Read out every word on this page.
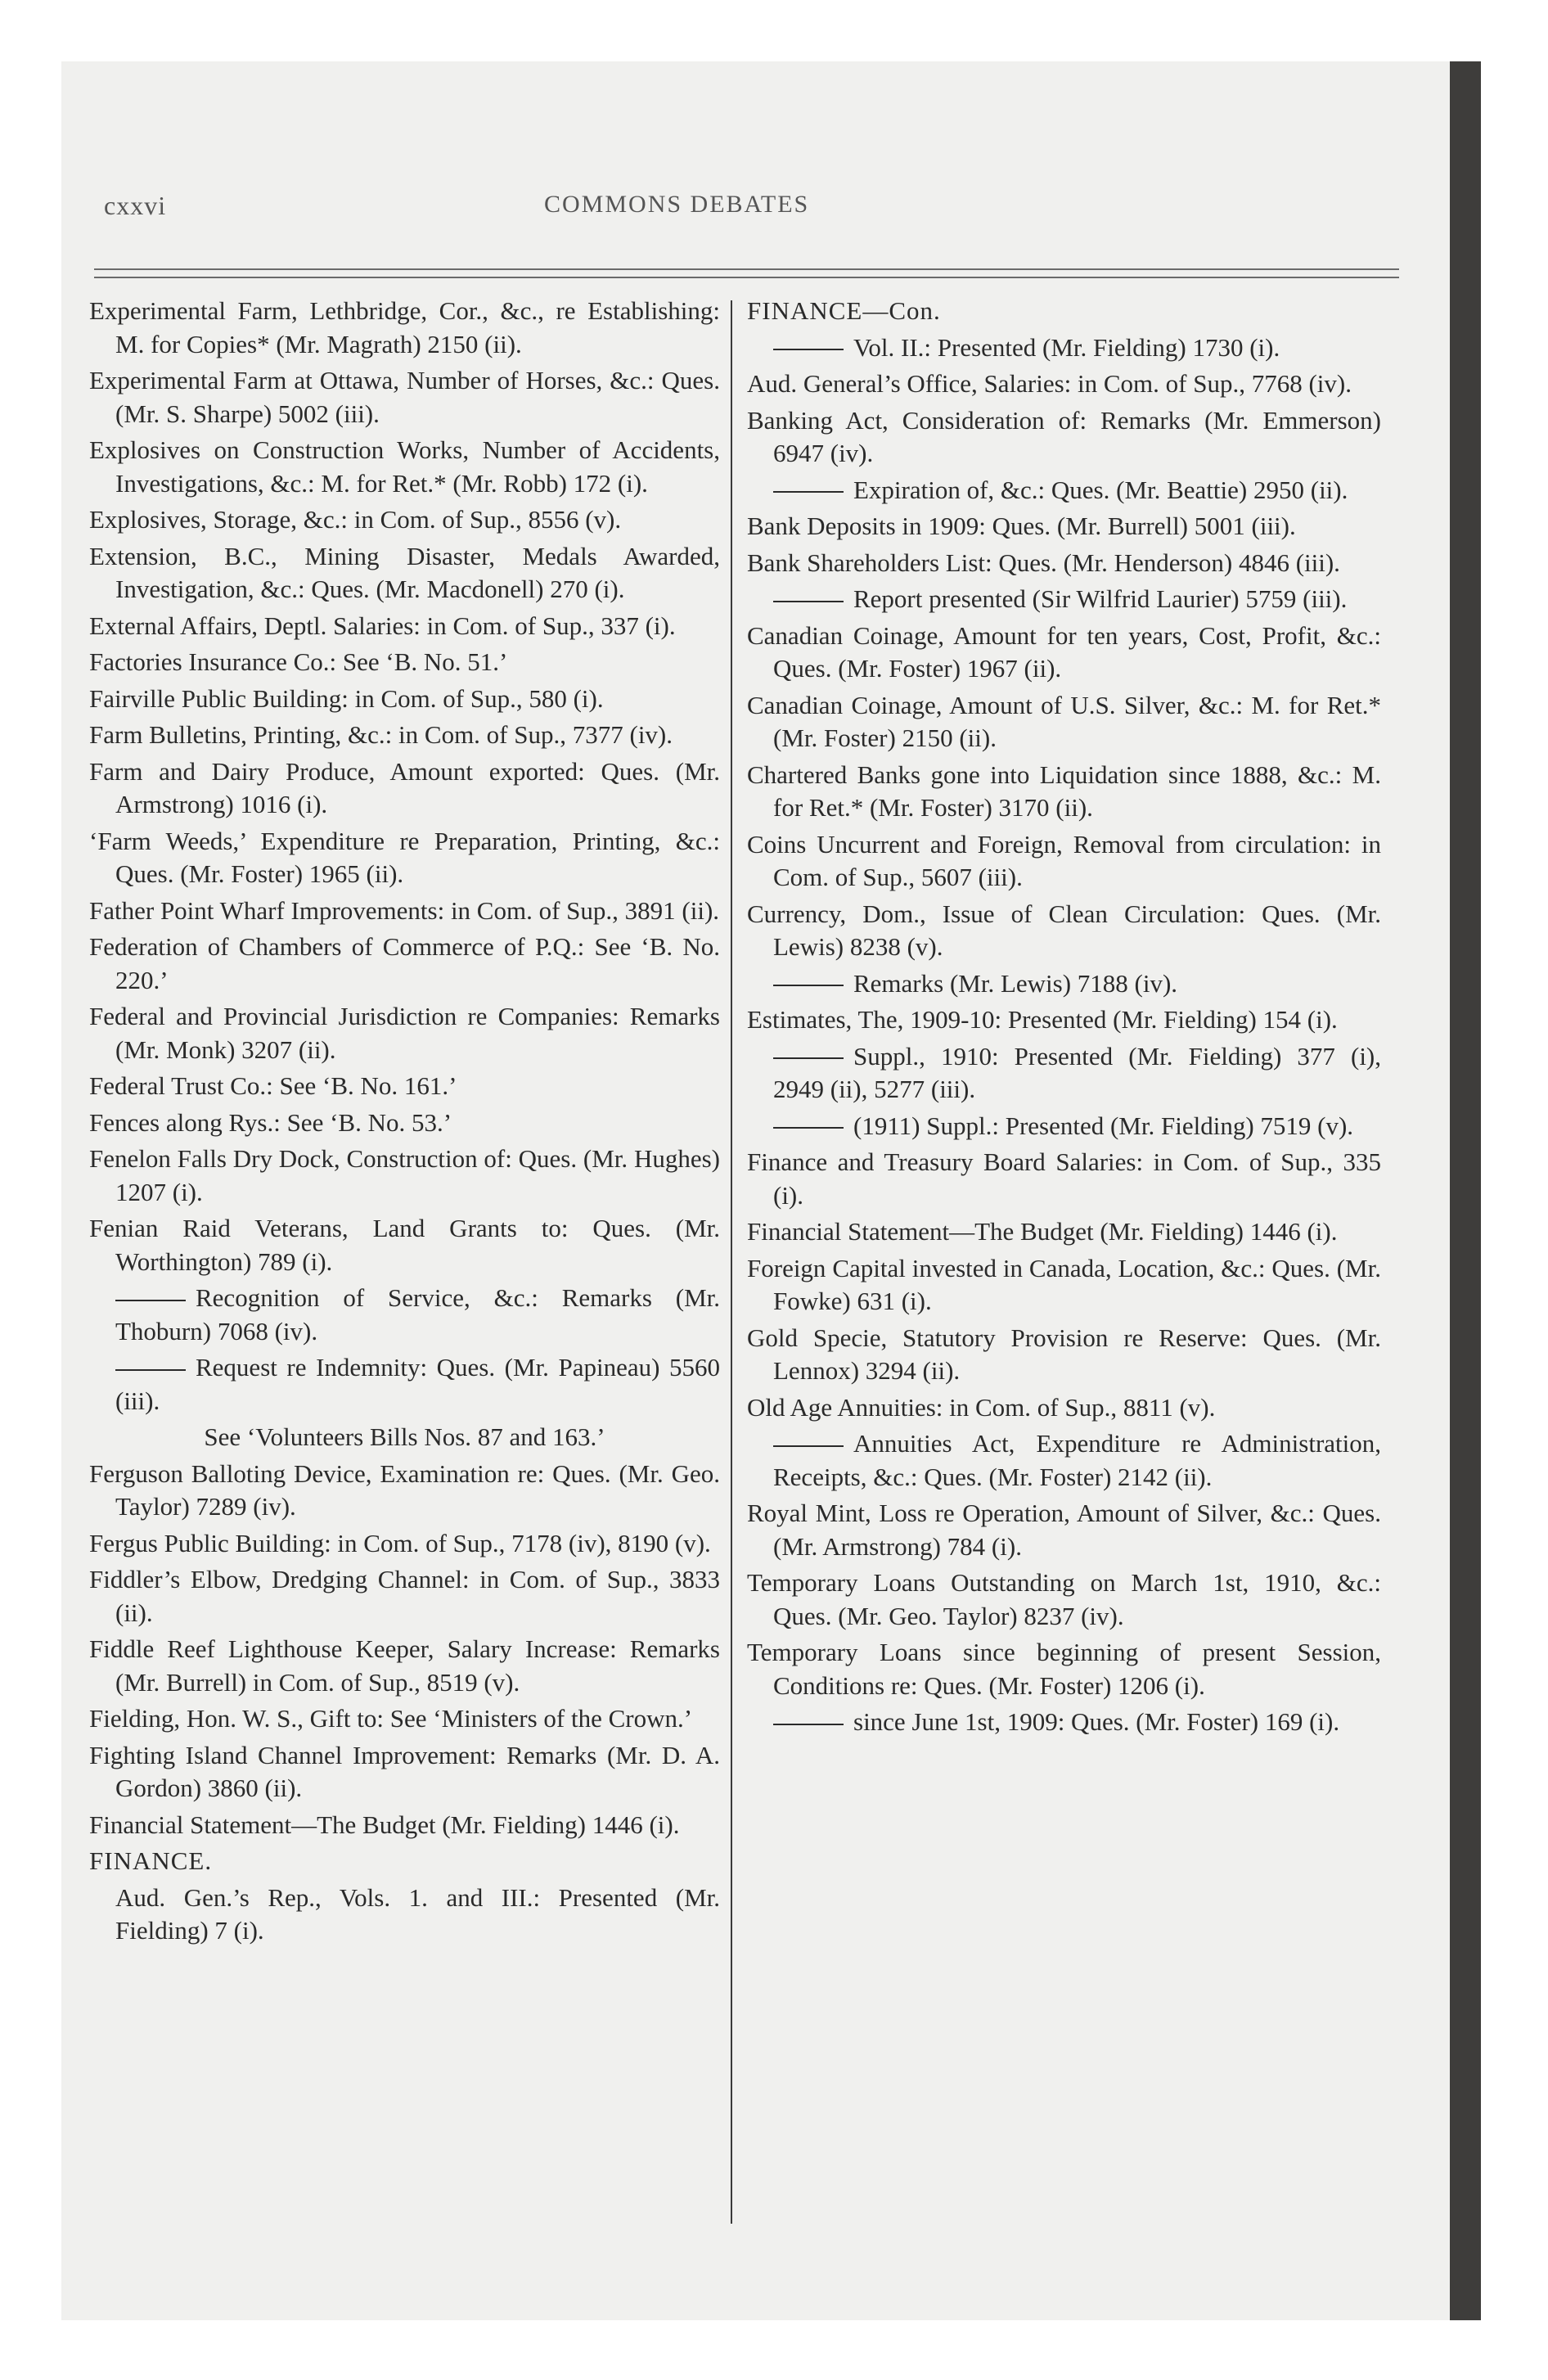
cxxvi	COMMONS DEBATES

Experimental Farm, Lethbridge, Cor., &c., re Establishing: M. for Copies* (Mr. Magrath) 2150 (ii).

Experimental Farm at Ottawa, Number of Horses, &c.: Ques. (Mr. S. Sharpe) 5002 (iii).

Explosives on Construction Works, Number of Accidents, Investigations, &c.: M. for Ret.* (Mr. Robb) 172 (i).

Explosives, Storage, &c.: in Com. of Sup., 8556 (v).

Extension, B.C., Mining Disaster, Medals Awarded, Investigation, &c.: Ques. (Mr. Macdonell) 270 (i).

External Affairs, Deptl. Salaries: in Com. of Sup., 337 (i).

Factories Insurance Co.: See ‘B. No. 51.’

Fairville Public Building: in Com. of Sup., 580 (i).

Farm Bulletins, Printing, &c.: in Com. of Sup., 7377 (iv).

Farm and Dairy Produce, Amount exported: Ques. (Mr. Armstrong) 1016 (i).

‘Farm Weeds,’ Expenditure re Preparation, Printing, &c.: Ques. (Mr. Foster) 1965 (ii).

Father Point Wharf Improvements: in Com. of Sup., 3891 (ii).

Federation of Chambers of Commerce of P.Q.: See ‘B. No. 220.’

Federal and Provincial Jurisdiction re Companies: Remarks (Mr. Monk) 3207 (ii).

Federal Trust Co.: See ‘B. No. 161.’

Fences along Rys.: See ‘B. No. 53.’

Fenelon Falls Dry Dock, Construction of: Ques. (Mr. Hughes) 1207 (i).

Fenian Raid Veterans, Land Grants to: Ques. (Mr. Worthington) 789 (i).

Recognition of Service, &c.: Remarks (Mr. Thoburn) 7068 (iv).

Request re Indemnity: Ques. (Mr. Papineau) 5560 (iii).

See ‘Volunteers Bills Nos. 87 and 163.’

Ferguson Balloting Device, Examination re: Ques. (Mr. Geo. Taylor) 7289 (iv).

Fergus Public Building: in Com. of Sup., 7178 (iv), 8190 (v).

Fiddler’s Elbow, Dredging Channel: in Com. of Sup., 3833 (ii).

Fiddle Reef Lighthouse Keeper, Salary Increase: Remarks (Mr. Burrell) in Com. of Sup., 8519 (v).

Fielding, Hon. W. S., Gift to: See ‘Ministers of the Crown.’

Fighting Island Channel Improvement: Remarks (Mr. D. A. Gordon) 3860 (ii).

Financial Statement—The Budget (Mr. Fielding) 1446 (i).

FINANCE.

Aud. Gen.’s Rep., Vols. 1. and III.: Presented (Mr. Fielding) 7 (i).

FINANCE—Con.

Vol. II.: Presented (Mr. Fielding) 1730 (i).

Aud. General’s Office, Salaries: in Com. of Sup., 7768 (iv).

Banking Act, Consideration of: Remarks (Mr. Emmerson) 6947 (iv).

Expiration of, &c.: Ques. (Mr. Beattie) 2950 (ii).

Bank Deposits in 1909: Ques. (Mr. Burrell) 5001 (iii).

Bank Shareholders List: Ques. (Mr. Henderson) 4846 (iii).

Report presented (Sir Wilfrid Laurier) 5759 (iii).

Canadian Coinage, Amount for ten years, Cost, Profit, &c.: Ques. (Mr. Foster) 1967 (ii).

Canadian Coinage, Amount of U.S. Silver, &c.: M. for Ret.* (Mr. Foster) 2150 (ii).

Chartered Banks gone into Liquidation since 1888, &c.: M. for Ret.* (Mr. Foster) 3170 (ii).

Coins Uncurrent and Foreign, Removal from circulation: in Com. of Sup., 5607 (iii).

Currency, Dom., Issue of Clean Circulation: Ques. (Mr. Lewis) 8238 (v).

Remarks (Mr. Lewis) 7188 (iv).

Estimates, The, 1909-10: Presented (Mr. Fielding) 154 (i).

Suppl., 1910: Presented (Mr. Fielding) 377 (i), 2949 (ii), 5277 (iii).

(1911) Suppl.: Presented (Mr. Fielding) 7519 (v).

Finance and Treasury Board Salaries: in Com. of Sup., 335 (i).

Financial Statement—The Budget (Mr. Fielding) 1446 (i).

Foreign Capital invested in Canada, Location, &c.: Ques. (Mr. Fowke) 631 (i).

Gold Specie, Statutory Provision re Reserve: Ques. (Mr. Lennox) 3294 (ii).

Old Age Annuities: in Com. of Sup., 8811 (v).

Annuities Act, Expenditure re Administration, Receipts, &c.: Ques. (Mr. Foster) 2142 (ii).

Royal Mint, Loss re Operation, Amount of Silver, &c.: Ques. (Mr. Armstrong) 784 (i).

Temporary Loans Outstanding on March 1st, 1910, &c.: Ques. (Mr. Geo. Taylor) 8237 (iv).

Temporary Loans since beginning of present Session, Conditions re: Ques. (Mr. Foster) 1206 (i).

since June 1st, 1909: Ques. (Mr. Foster) 169 (i).
